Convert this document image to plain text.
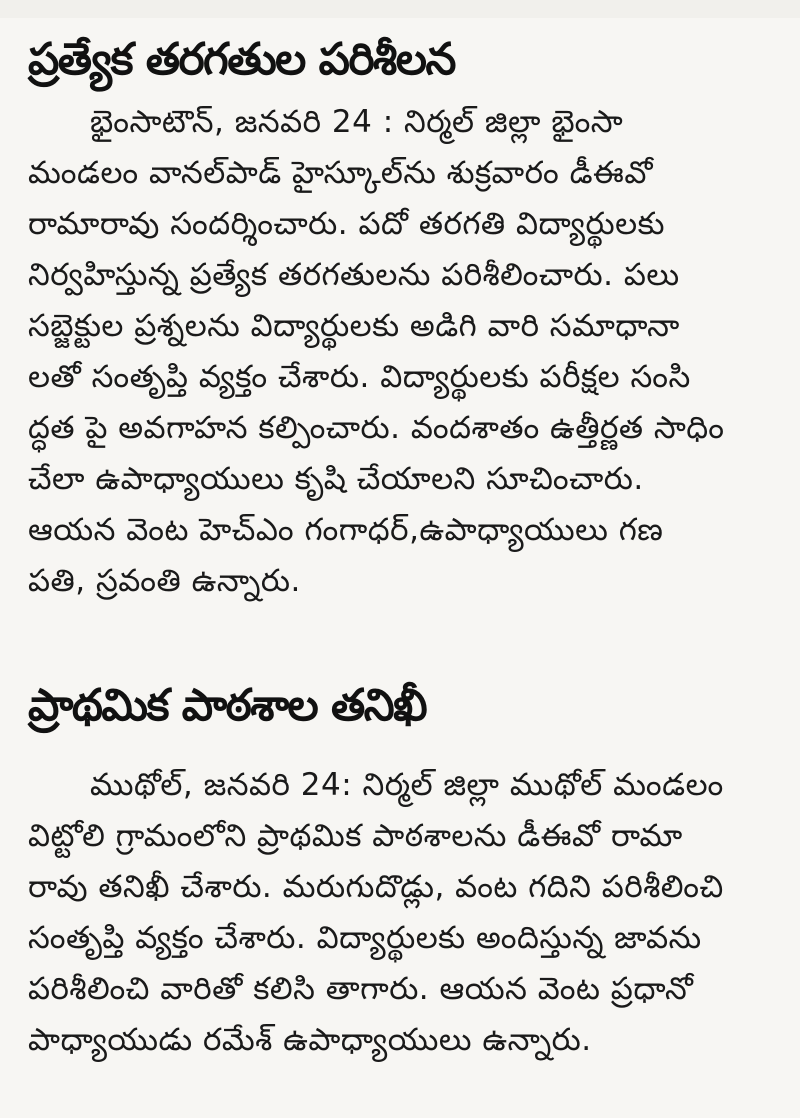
ప్రత్యేక తరగతుల పరిశీలన
భైంసాటౌన్, జనవరి 24 : నిర్మల్ జిల్లా భైంసా
మండలం వానల్‌పాడ్ హైస్కూల్‌ను శుక్రవారం డీఈవో
రామారావు సందర్శించారు. పదో తరగతి విద్యార్థులకు
నిర్వహిస్తున్న ప్రత్యేక తరగతులను పరిశీలించారు. పలు
సబ్జెక్టుల ప్రశ్నలను విద్యార్థులకు అడిగి వారి సమాధానా
లతో సంతృప్తి వ్యక్తం చేశారు. విద్యార్థులకు పరీక్షల సంసి
ద్ధత పై అవగాహన కల్పించారు. వందశాతం ఉత్తీర్ణత సాధిం
చేలా ఉపాధ్యాయులు కృషి చేయాలని సూచించారు.
ఆయన వెంట హెచ్‌ఎం గంగాధర్,ఉపాధ్యాయులు గణ
పతి, స్రవంతి ఉన్నారు.
ప్రాథమిక పాఠశాల తనిఖీ
ముథోల్, జనవరి 24: నిర్మల్ జిల్లా ముథోల్ మండలం
విట్టోలి గ్రామంలోని ప్రాథమిక పాఠశాలను డీఈవో రామా
రావు తనిఖీ చేశారు. మరుగుదొడ్లు, వంట గదిని పరిశీలించి
సంతృప్తి వ్యక్తం చేశారు. విద్యార్థులకు అందిస్తున్న జావను
పరిశీలించి వారితో కలిసి తాగారు. ఆయన వెంట ప్రధానో
పాధ్యాయుడు రమేశ్ ఉపాధ్యాయులు ఉన్నారు.
